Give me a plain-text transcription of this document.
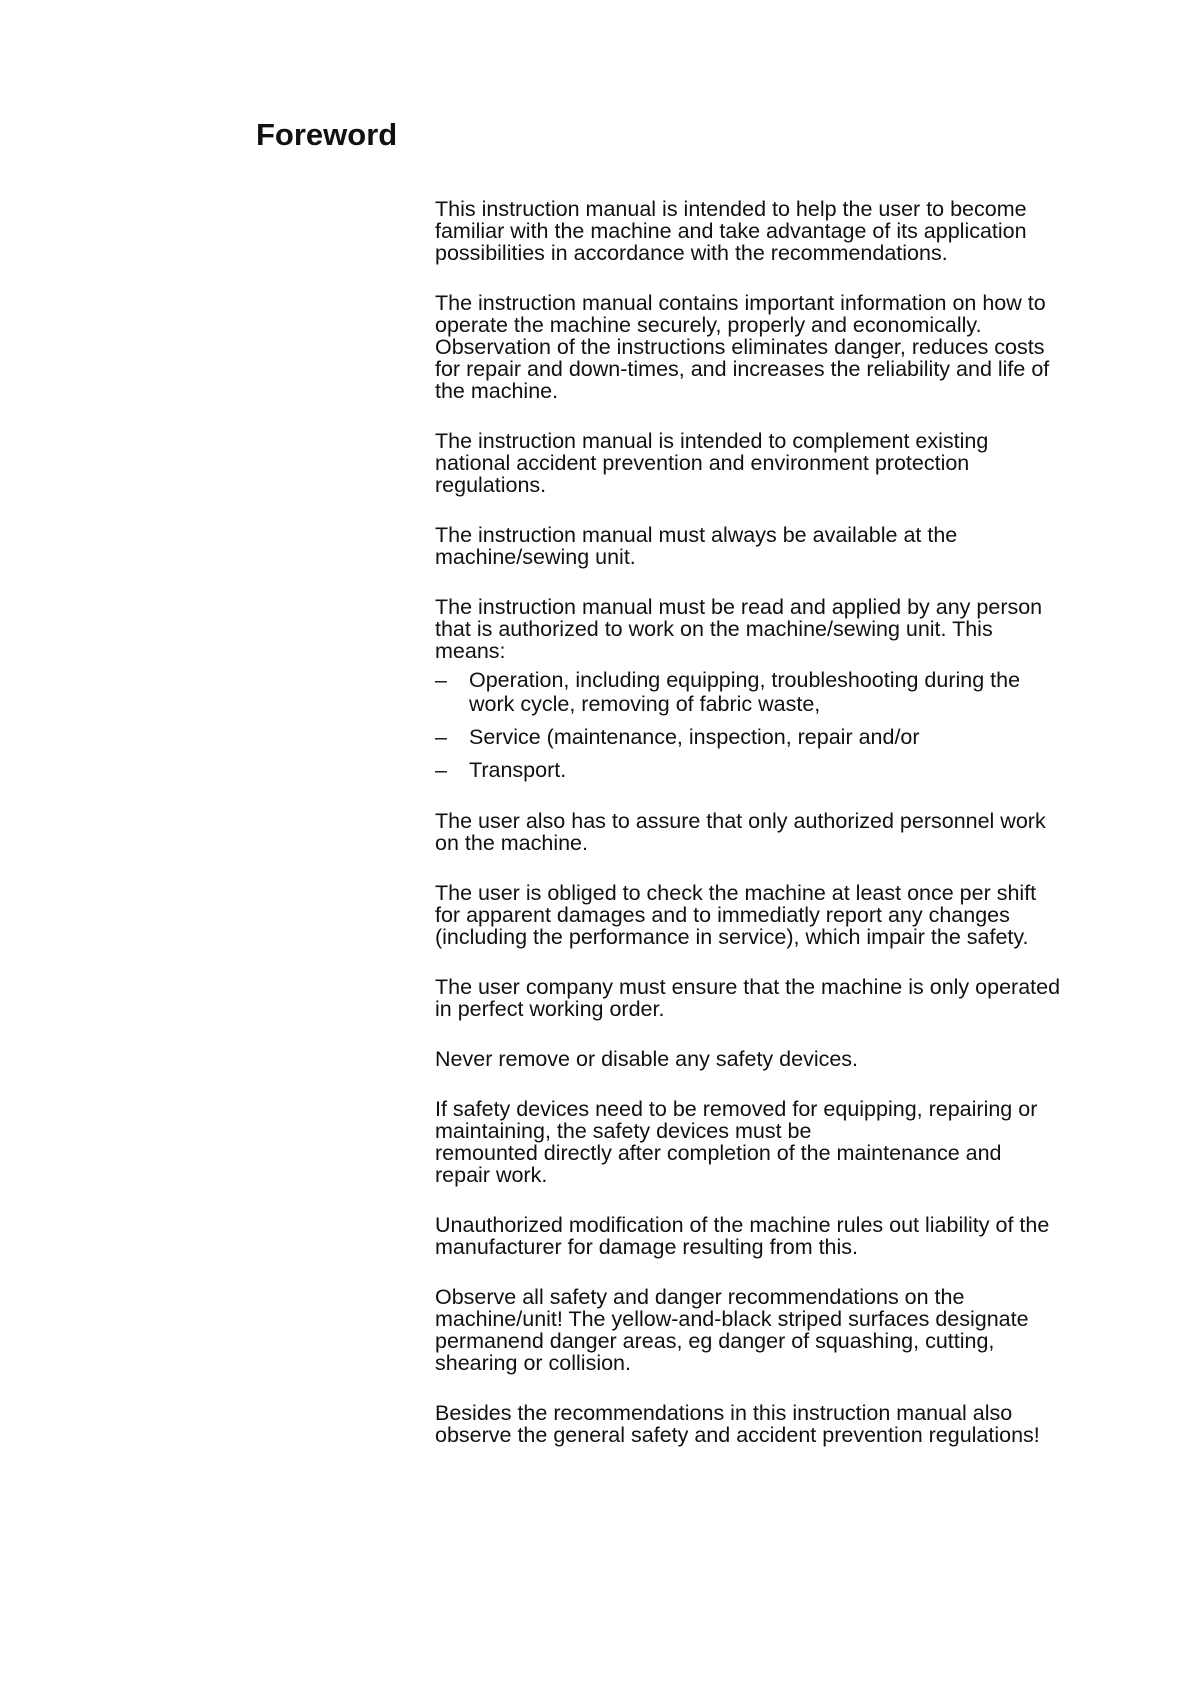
Foreword

This instruction manual is intended to help the user to become
familiar with the machine and take advantage of its application
possibilities in accordance with the recommendations.

The instruction manual contains important information on how to
operate the machine securely, properly and economically.
Observation of the instructions eliminates danger, reduces costs
for repair and down-times, and increases the reliability and life of
the machine.

The instruction manual is intended to complement existing
national accident prevention and environment protection
regulations.

The instruction manual must always be available at the
machine/sewing unit.

The instruction manual must be read and applied by any person
that is authorized to work on the machine/sewing unit. This
means:

– Operation, including equipping, troubleshooting during the
work cycle, removing of fabric waste,
– Service (maintenance, inspection, repair and/or
– Transport.

The user also has to assure that only authorized personnel work
on the machine.

The user is obliged to check the machine at least once per shift
for apparent damages and to immediatly report any changes
(including the performance in service), which impair the safety.

The user company must ensure that the machine is only operated
in perfect working order.

Never remove or disable any safety devices.

If safety devices need to be removed for equipping, repairing or
maintaining, the safety devices must be
remounted directly after completion of the maintenance and
repair work.

Unauthorized modification of the machine rules out liability of the
manufacturer for damage resulting from this.

Observe all safety and danger recommendations on the
machine/unit! The yellow-and-black striped surfaces designate
permanend danger areas, eg danger of squashing, cutting,
shearing or collision.

Besides the recommendations in this instruction manual also
observe the general safety and accident prevention regulations!
